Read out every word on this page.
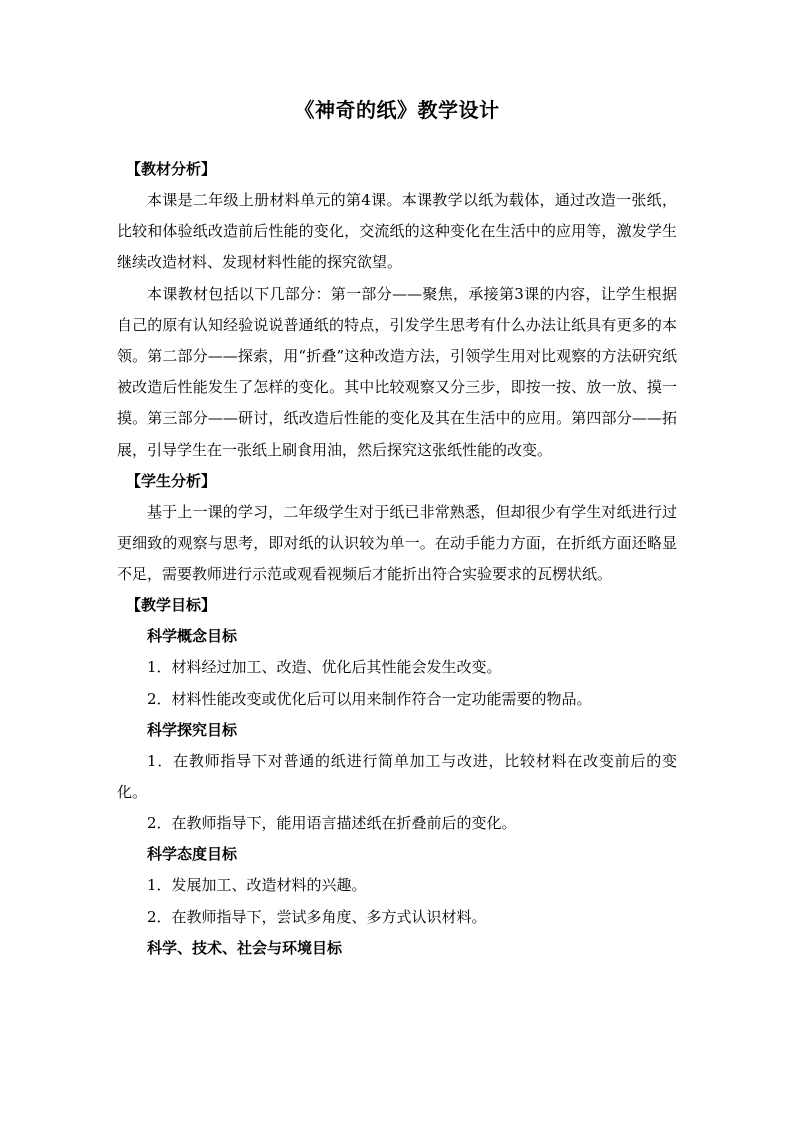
《神奇的纸》教学设计

【教材分析】

本课是二年级上册材料单元的第4课。本课教学以纸为载体，通过改造一张纸，比较和体验纸改造前后性能的变化，交流纸的这种变化在生活中的应用等，激发学生继续改造材料、发现材料性能的探究欲望。

本课教材包括以下几部分：第一部分——聚焦，承接第3课的内容，让学生根据自己的原有认知经验说说普通纸的特点，引发学生思考有什么办法让纸具有更多的本领。第二部分——探索，用“折叠”这种改造方法，引领学生用对比观察的方法研究纸被改造后性能发生了怎样的变化。其中比较观察又分三步，即按一按、放一放、摸一摸。第三部分——研讨，纸改造后性能的变化及其在生活中的应用。第四部分——拓展，引导学生在一张纸上刷食用油，然后探究这张纸性能的改变。

【学生分析】

基于上一课的学习，二年级学生对于纸已非常熟悉，但却很少有学生对纸进行过更细致的观察与思考，即对纸的认识较为单一。在动手能力方面，在折纸方面还略显不足，需要教师进行示范或观看视频后才能折出符合实验要求的瓦楞状纸。

【教学目标】

科学概念目标

1．材料经过加工、改造、优化后其性能会发生改变。

2．材料性能改变或优化后可以用来制作符合一定功能需要的物品。

科学探究目标

1．在教师指导下对普通的纸进行简单加工与改进，比较材料在改变前后的变化。

2．在教师指导下，能用语言描述纸在折叠前后的变化。

科学态度目标

1．发展加工、改造材料的兴趣。

2．在教师指导下，尝试多角度、多方式认识材料。

科学、技术、社会与环境目标
